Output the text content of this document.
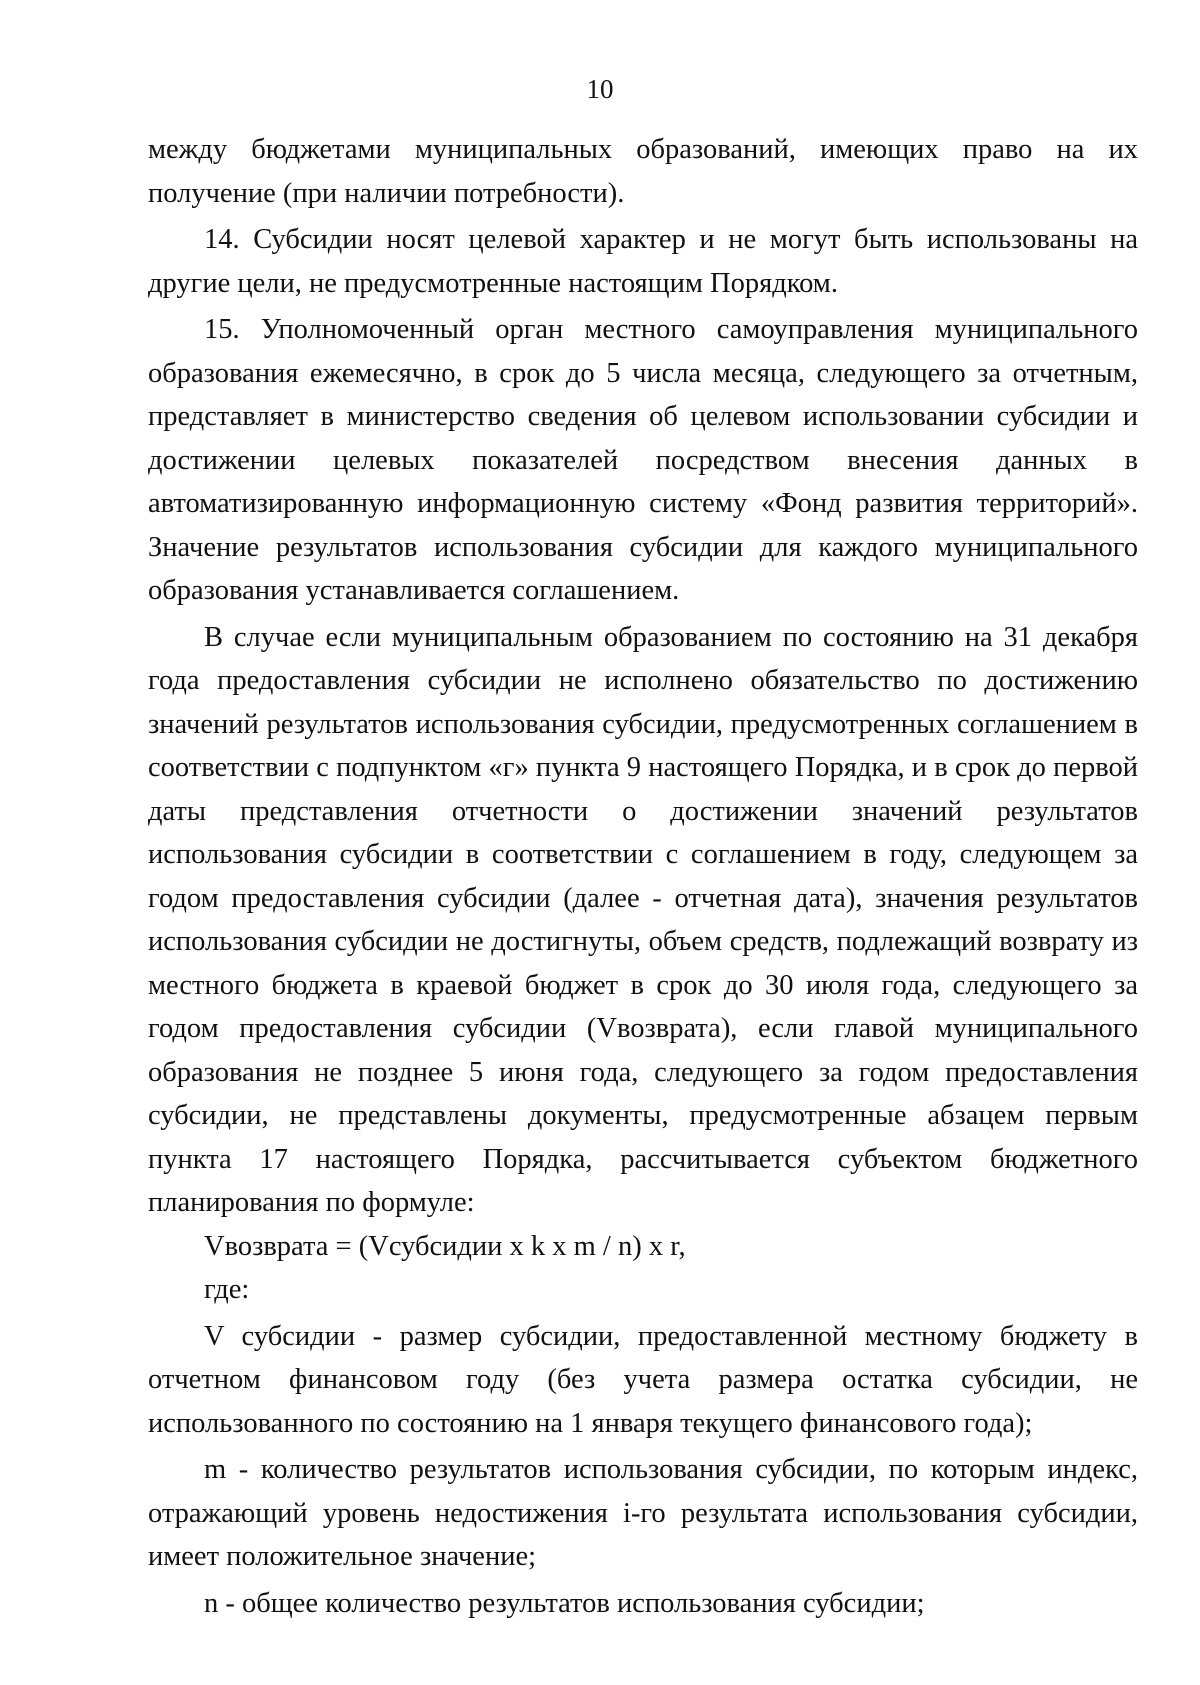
10

между бюджетами муниципальных образований, имеющих право на их получение (при наличии потребности).

14. Субсидии носят целевой характер и не могут быть использованы на другие цели, не предусмотренные настоящим Порядком.

15. Уполномоченный орган местного самоуправления муниципального образования ежемесячно, в срок до 5 числа месяца, следующего за отчетным, представляет в министерство сведения об целевом использовании субсидии и достижении целевых показателей посредством внесения данных в автоматизированную информационную систему «Фонд развития территорий». Значение результатов использования субсидии для каждого муниципального образования устанавливается соглашением.

В случае если муниципальным образованием по состоянию на 31 декабря года предоставления субсидии не исполнено обязательство по достижению значений результатов использования субсидии, предусмотренных соглашением в соответствии с подпунктом «г» пункта 9 настоящего Порядка, и в срок до первой даты представления отчетности о достижении значений результатов использования субсидии в соответствии с соглашением в году, следующем за годом предоставления субсидии (далее - отчетная дата), значения результатов использования субсидии не достигнуты, объем средств, подлежащий возврату из местного бюджета в краевой бюджет в срок до 30 июля года, следующего за годом предоставления субсидии (Vвозврата), если главой муниципального образования не позднее 5 июня года, следующего за годом предоставления субсидии, не представлены документы, предусмотренные абзацем первым пункта 17 настоящего Порядка, рассчитывается субъектом бюджетного планирования по формуле:

Vвозврата = (Vсубсидии x k x m / n) x r,

где:

V субсидии - размер субсидии, предоставленной местному бюджету в отчетном финансовом году (без учета размера остатка субсидии, не использованного по состоянию на 1 января текущего финансового года);

m - количество результатов использования субсидии, по которым индекс, отражающий уровень недостижения i-го результата использования субсидии, имеет положительное значение;

n - общее количество результатов использования субсидии;
